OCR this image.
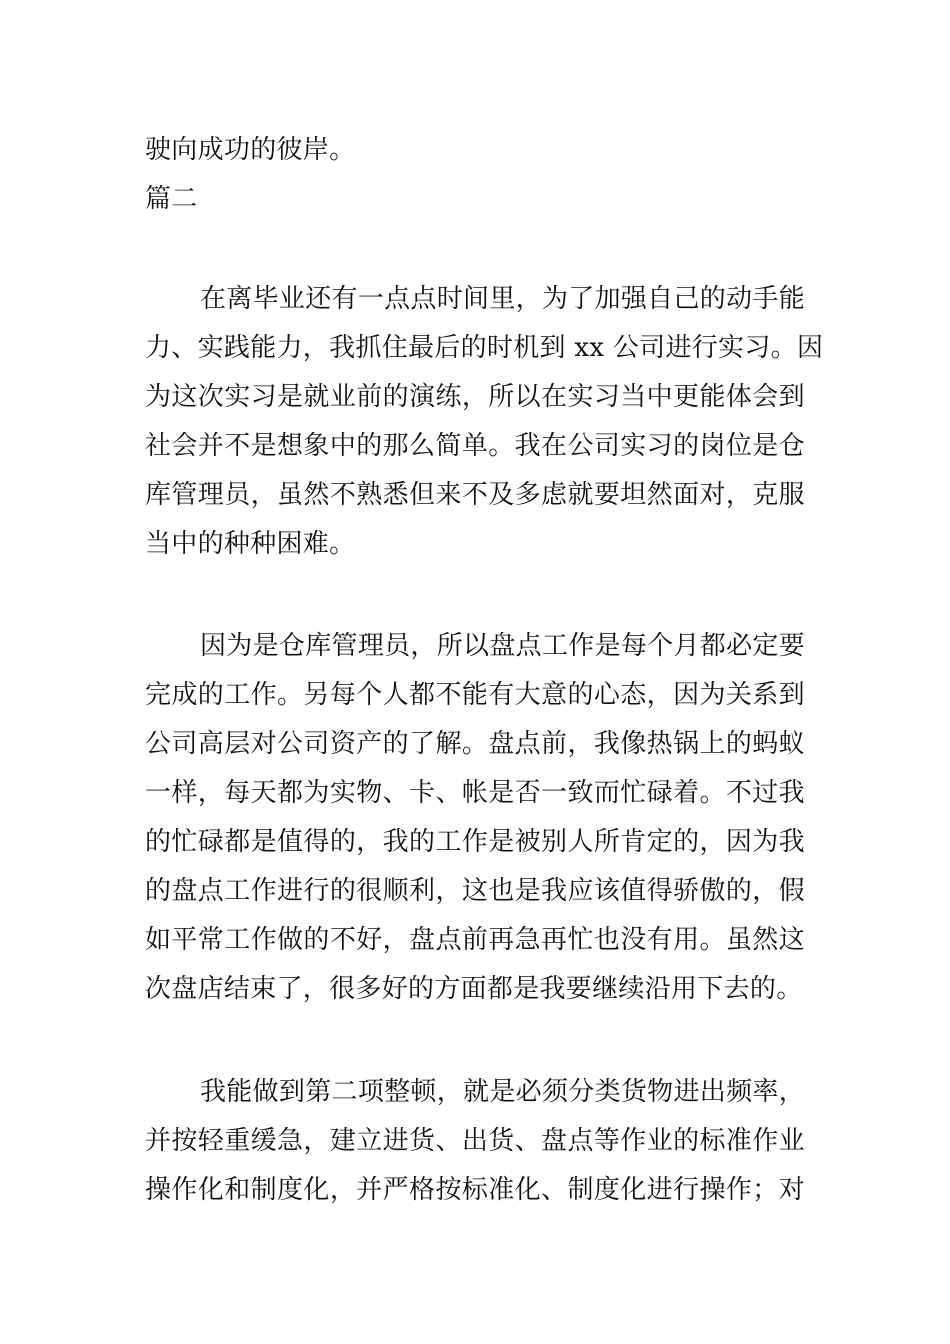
驶向成功的彼岸。
篇二
在离毕业还有一点点时间里，为了加强自己的动手能
力、实践能力，我抓住最后的时机到 xx 公司进行实习。因
为这次实习是就业前的演练，所以在实习当中更能体会到
社会并不是想象中的那么简单。我在公司实习的岗位是仓
库管理员，虽然不熟悉但来不及多虑就要坦然面对，克服
当中的种种困难。
因为是仓库管理员，所以盘点工作是每个月都必定要
完成的工作。另每个人都不能有大意的心态，因为关系到
公司高层对公司资产的了解。盘点前，我像热锅上的蚂蚁
一样，每天都为实物、卡、帐是否一致而忙碌着。不过我
的忙碌都是值得的，我的工作是被别人所肯定的，因为我
的盘点工作进行的很顺利，这也是我应该值得骄傲的，假
如平常工作做的不好，盘点前再急再忙也没有用。虽然这
次盘店结束了，很多好的方面都是我要继续沿用下去的。
我能做到第二项整顿，就是必须分类货物进出频率，
并按轻重缓急，建立进货、出货、盘点等作业的标准作业
操作化和制度化，并严格按标准化、制度化进行操作；对
